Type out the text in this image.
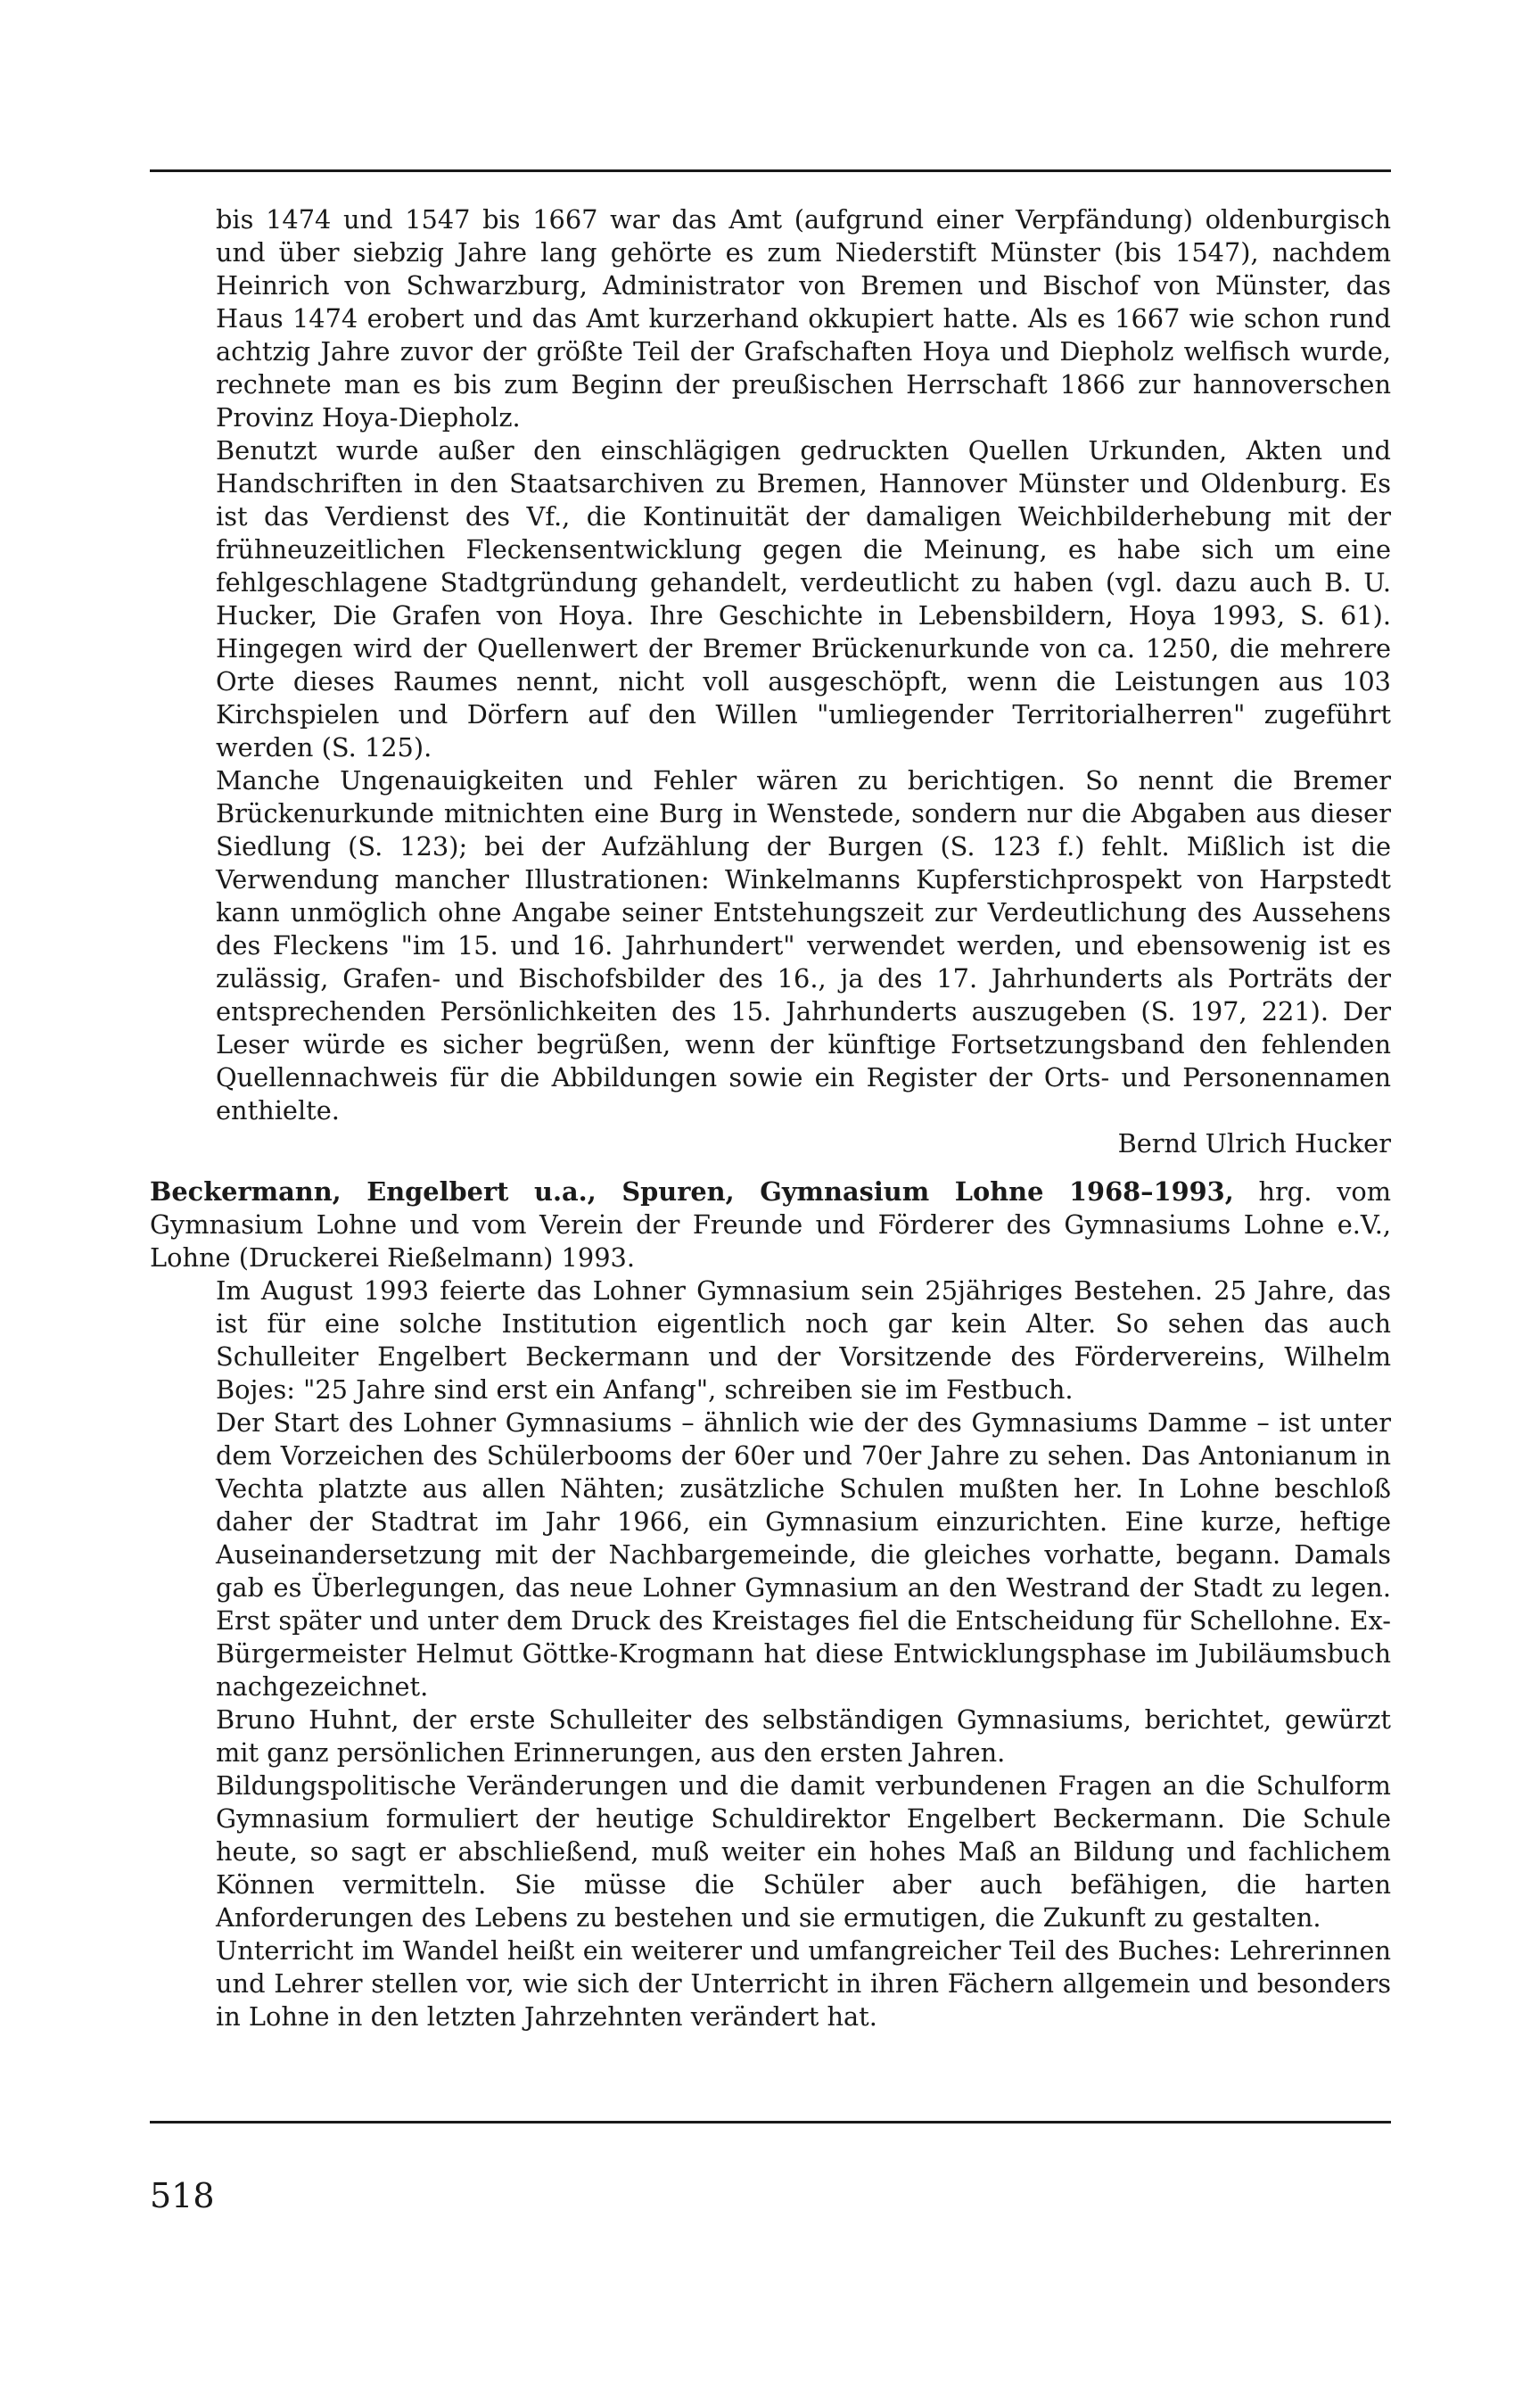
bis 1474 und 1547 bis 1667 war das Amt (aufgrund einer Verpfändung) oldenburgisch und über siebzig Jahre lang gehörte es zum Niederstift Münster (bis 1547), nachdem Heinrich von Schwarzburg, Administrator von Bremen und Bischof von Münster, das Haus 1474 erobert und das Amt kurzerhand okkupiert hatte. Als es 1667 wie schon rund achtzig Jahre zuvor der größte Teil der Grafschaften Hoya und Diepholz welfisch wurde, rechnete man es bis zum Beginn der preußischen Herrschaft 1866 zur hannoverschen Provinz Hoya-Diepholz.

Benutzt wurde außer den einschlägigen gedruckten Quellen Urkunden, Akten und Handschriften in den Staatsarchiven zu Bremen, Hannover Münster und Oldenburg. Es ist das Verdienst des Vf., die Kontinuität der damaligen Weichbilderhebung mit der frühneuzeitlichen Fleckensentwicklung gegen die Meinung, es habe sich um eine fehlgeschlagene Stadtgründung gehandelt, verdeutlicht zu haben (vgl. dazu auch B. U. Hucker, Die Grafen von Hoya. Ihre Geschichte in Lebensbildern, Hoya 1993, S. 61). Hingegen wird der Quellenwert der Bremer Brückenurkunde von ca. 1250, die mehrere Orte dieses Raumes nennt, nicht voll ausgeschöpft, wenn die Leistungen aus 103 Kirchspielen und Dörfern auf den Willen "umliegender Territorialherren" zugeführt werden (S. 125).

Manche Ungenauigkeiten und Fehler wären zu berichtigen. So nennt die Bremer Brückenurkunde mitnichten eine Burg in Wenstede, sondern nur die Abgaben aus dieser Siedlung (S. 123); bei der Aufzählung der Burgen (S. 123 f.) fehlt. Mißlich ist die Verwendung mancher Illustrationen: Winkelmanns Kupferstichprospekt von Harpstedt kann unmöglich ohne Angabe seiner Entstehungszeit zur Verdeutlichung des Aussehens des Fleckens "im 15. und 16. Jahrhundert" verwendet werden, und ebensowenig ist es zulässig, Grafen- und Bischofsbilder des 16., ja des 17. Jahrhunderts als Porträts der entsprechenden Persönlichkeiten des 15. Jahrhunderts auszugeben (S. 197, 221). Der Leser würde es sicher begrüßen, wenn der künftige Fortsetzungsband den fehlenden Quellennachweis für die Abbildungen sowie ein Register der Orts- und Personennamen enthielte.

Bernd Ulrich Hucker

Beckermann, Engelbert u.a., Spuren, Gymnasium Lohne 1968–1993, hrg. vom Gymnasium Lohne und vom Verein der Freunde und Förderer des Gymnasiums Lohne e.V., Lohne (Druckerei Rießelmann) 1993.

Im August 1993 feierte das Lohner Gymnasium sein 25jähriges Bestehen. 25 Jahre, das ist für eine solche Institution eigentlich noch gar kein Alter. So sehen das auch Schulleiter Engelbert Beckermann und der Vorsitzende des Fördervereins, Wilhelm Bojes: "25 Jahre sind erst ein Anfang", schreiben sie im Festbuch.

Der Start des Lohner Gymnasiums – ähnlich wie der des Gymnasiums Damme – ist unter dem Vorzeichen des Schülerbooms der 60er und 70er Jahre zu sehen. Das Antonianum in Vechta platzte aus allen Nähten; zusätzliche Schulen mußten her. In Lohne beschloß daher der Stadtrat im Jahr 1966, ein Gymnasium einzurichten. Eine kurze, heftige Auseinandersetzung mit der Nachbargemeinde, die gleiches vorhatte, begann. Damals gab es Überlegungen, das neue Lohner Gymnasium an den Westrand der Stadt zu legen. Erst später und unter dem Druck des Kreistages fiel die Entscheidung für Schellohne. Ex-Bürgermeister Helmut Göttke-Krogmann hat diese Entwicklungsphase im Jubiläumsbuch nachgezeichnet.

Bruno Huhnt, der erste Schulleiter des selbständigen Gymnasiums, berichtet, gewürzt mit ganz persönlichen Erinnerungen, aus den ersten Jahren.

Bildungspolitische Veränderungen und die damit verbundenen Fragen an die Schulform Gymnasium formuliert der heutige Schuldirektor Engelbert Beckermann. Die Schule heute, so sagt er abschließend, muß weiter ein hohes Maß an Bildung und fachlichem Können vermitteln. Sie müsse die Schüler aber auch befähigen, die harten Anforderungen des Lebens zu bestehen und sie ermutigen, die Zukunft zu gestalten.

Unterricht im Wandel heißt ein weiterer und umfangreicher Teil des Buches: Lehrerinnen und Lehrer stellen vor, wie sich der Unterricht in ihren Fächern allgemein und besonders in Lohne in den letzten Jahrzehnten verändert hat.

518
